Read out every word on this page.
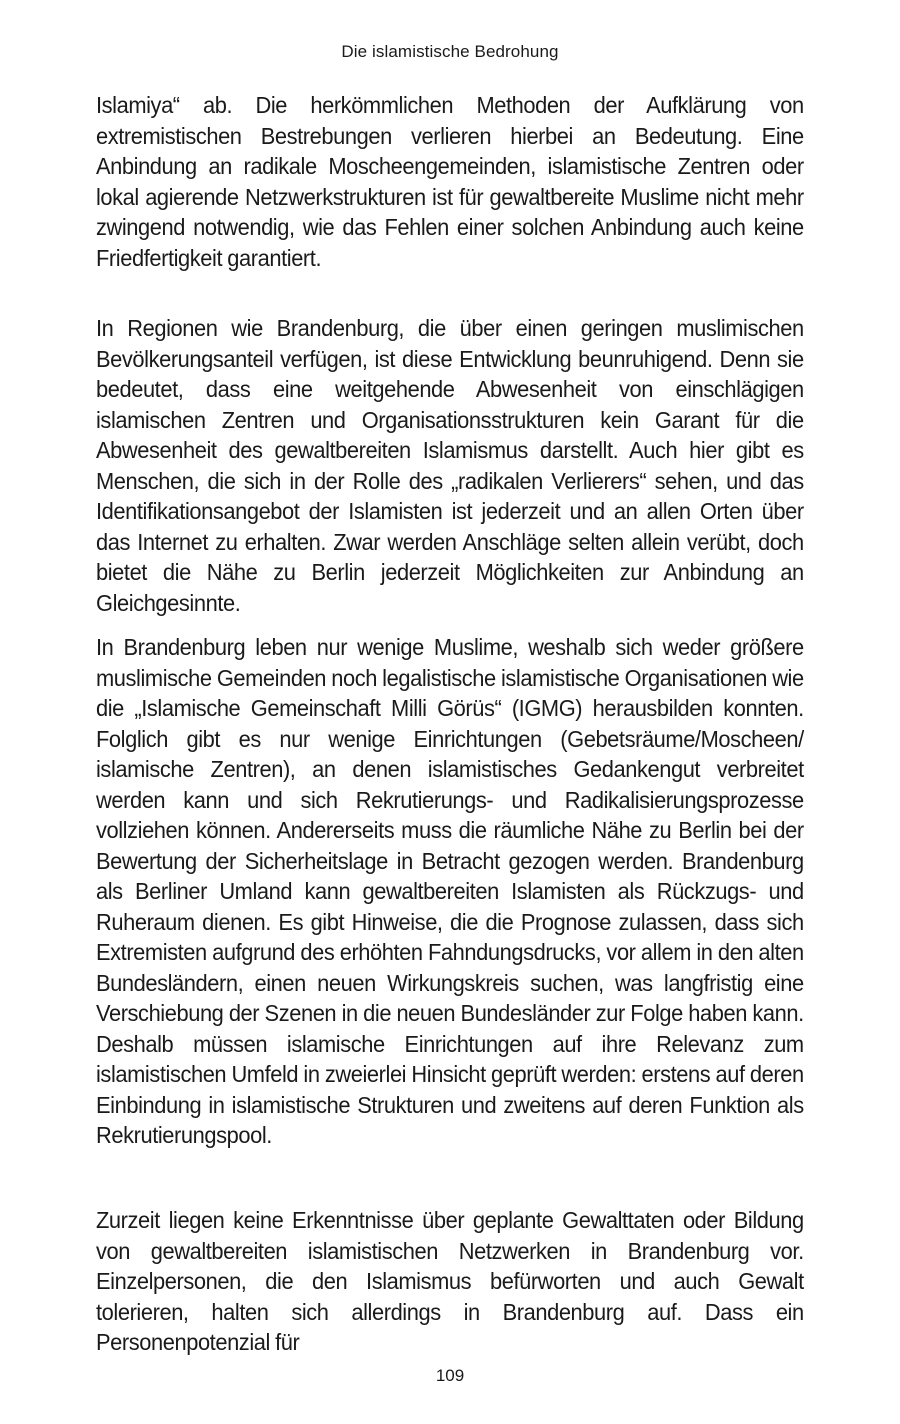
Die islamistische Bedrohung

Islamiya“ ab. Die herkömmlichen Methoden der Aufklärung von extremistischen Bestrebungen verlieren hierbei an Bedeutung. Eine Anbindung an radikale Moscheengemeinden, islamistische Zentren oder lokal agierende Netzwerkstrukturen ist für gewaltbereite Muslime nicht mehr zwingend notwendig, wie das Fehlen einer solchen Anbindung auch keine Friedfertigkeit garantiert.

In Regionen wie Brandenburg, die über einen geringen muslimischen Bevölkerungsanteil verfügen, ist diese Entwicklung beunruhigend. Denn sie bedeutet, dass eine weitgehende Abwesenheit von einschlägigen islamischen Zentren und Organisationsstrukturen kein Garant für die Abwesenheit des gewaltbereiten Islamismus darstellt. Auch hier gibt es Menschen, die sich in der Rolle des „radikalen Verlierers“ sehen, und das Identifikationsangebot der Islamisten ist jederzeit und an allen Orten über das Internet zu erhalten. Zwar werden Anschläge selten allein verübt, doch bietet die Nähe zu Berlin jederzeit Möglichkeiten zur Anbindung an Gleichgesinnte.

In Brandenburg leben nur wenige Muslime, weshalb sich weder größere muslimische Gemeinden noch legalistische islamistische Organisationen wie die „Islamische Gemeinschaft Milli Görüs“ (IGMG) herausbilden konnten. Folglich gibt es nur wenige Einrichtungen (Gebetsräume/Moscheen/ islamische Zentren), an denen islamistisches Gedankengut verbreitet werden kann und sich Rekrutierungs- und Radikalisierungsprozesse vollziehen können. Andererseits muss die räumliche Nähe zu Berlin bei der Bewertung der Sicherheitslage in Betracht gezogen werden. Brandenburg als Berliner Umland kann gewaltbereiten Islamisten als Rückzugs- und Ruheraum dienen. Es gibt Hinweise, die die Prognose zulassen, dass sich Extremisten aufgrund des erhöhten Fahndungsdrucks, vor allem in den alten Bundesländern, einen neuen Wirkungskreis suchen, was langfristig eine Verschiebung der Szenen in die neuen Bundesländer zur Folge haben kann. Deshalb müssen islamische Einrichtungen auf ihre Relevanz zum islamistischen Umfeld in zweierlei Hinsicht geprüft werden: erstens auf deren Einbindung in islamistische Strukturen und zweitens auf deren Funktion als Rekrutierungspool.

Zurzeit liegen keine Erkenntnisse über geplante Gewalttaten oder Bildung von gewaltbereiten islamistischen Netzwerken in Brandenburg vor. Einzelpersonen, die den Islamismus befürworten und auch Gewalt tolerieren, halten sich allerdings in Brandenburg auf. Dass ein Personenpotenzial für

109
